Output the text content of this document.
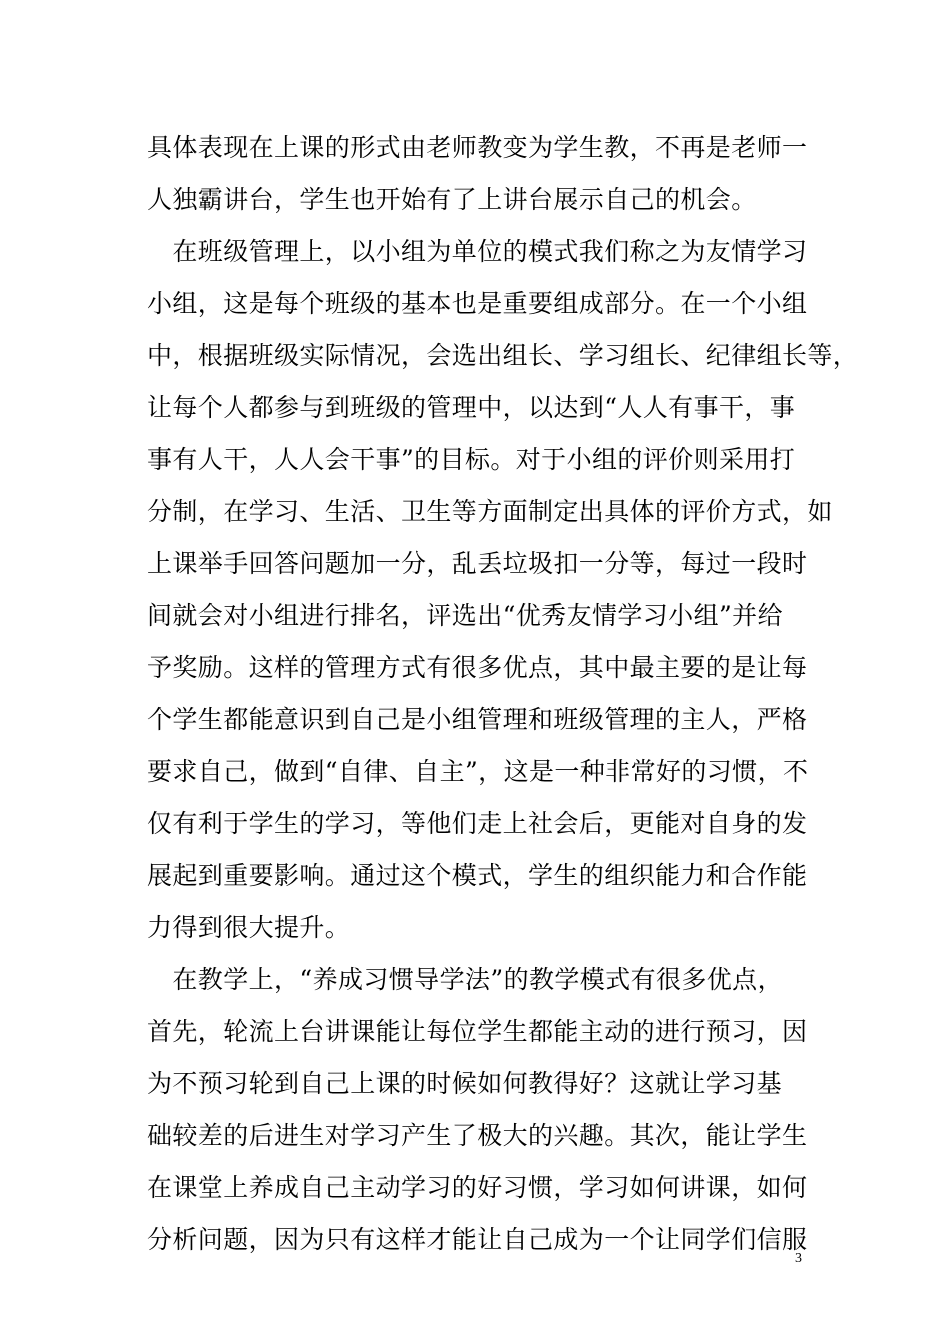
具体表现在上课的形式由老师教变为学生教，不再是老师一
人独霸讲台，学生也开始有了上讲台展示自己的机会。
　在班级管理上，以小组为单位的模式我们称之为友情学习
小组，这是每个班级的基本也是重要组成部分。在一个小组
中，根据班级实际情况，会选出组长、学习组长、纪律组长等，
让每个人都参与到班级的管理中，以达到“人人有事干，事
事有人干，人人会干事”的目标。对于小组的评价则采用打
分制，在学习、生活、卫生等方面制定出具体的评价方式，如
上课举手回答问题加一分，乱丢垃圾扣一分等，每过一段时
间就会对小组进行排名，评选出“优秀友情学习小组”并给
予奖励。这样的管理方式有很多优点，其中最主要的是让每
个学生都能意识到自己是小组管理和班级管理的主人，严格
要求自己，做到“自律、自主”，这是一种非常好的习惯，不
仅有利于学生的学习，等他们走上社会后，更能对自身的发
展起到重要影响。通过这个模式，学生的组织能力和合作能
力得到很大提升。
　在教学上，“养成习惯导学法”的教学模式有很多优点，
首先，轮流上台讲课能让每位学生都能主动的进行预习，因
为不预习轮到自己上课的时候如何教得好？这就让学习基
础较差的后进生对学习产生了极大的兴趣。其次，能让学生
在课堂上养成自己主动学习的好习惯，学习如何讲课，如何
分析问题，因为只有这样才能让自己成为一个让同学们信服
3
